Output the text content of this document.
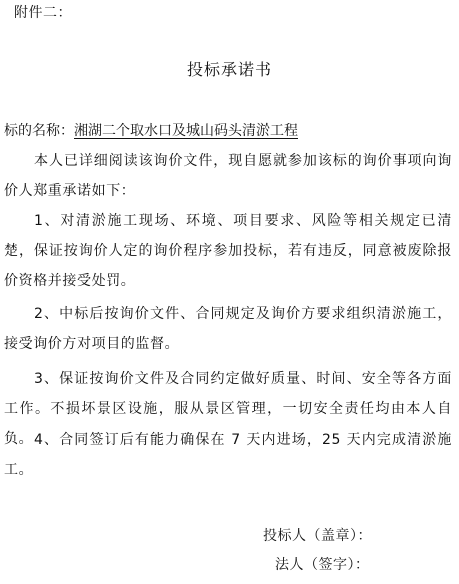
附件二：
投标承诺书
标的名称：湘湖二个取水口及城山码头清淤工程

本人已详细阅读该询价文件，现自愿就参加该标的询价事项向询价人郑重承诺如下：

1、对清淤施工现场、环境、项目要求、风险等相关规定已清楚，保证按询价人定的询价程序参加投标，若有违反，同意被废除报价资格并接受处罚。

2、中标后按询价文件、合同规定及询价方要求组织清淤施工，接受询价方对项目的监督。

3、保证按询价文件及合同约定做好质量、时间、安全等各方面工作。不损坏景区设施，服从景区管理，一切安全责任均由本人自负。 4、合同签订后有能力确保在 7 天内进场，25 天内完成清淤施工。

投标人（盖章）：
法人（签字）：
